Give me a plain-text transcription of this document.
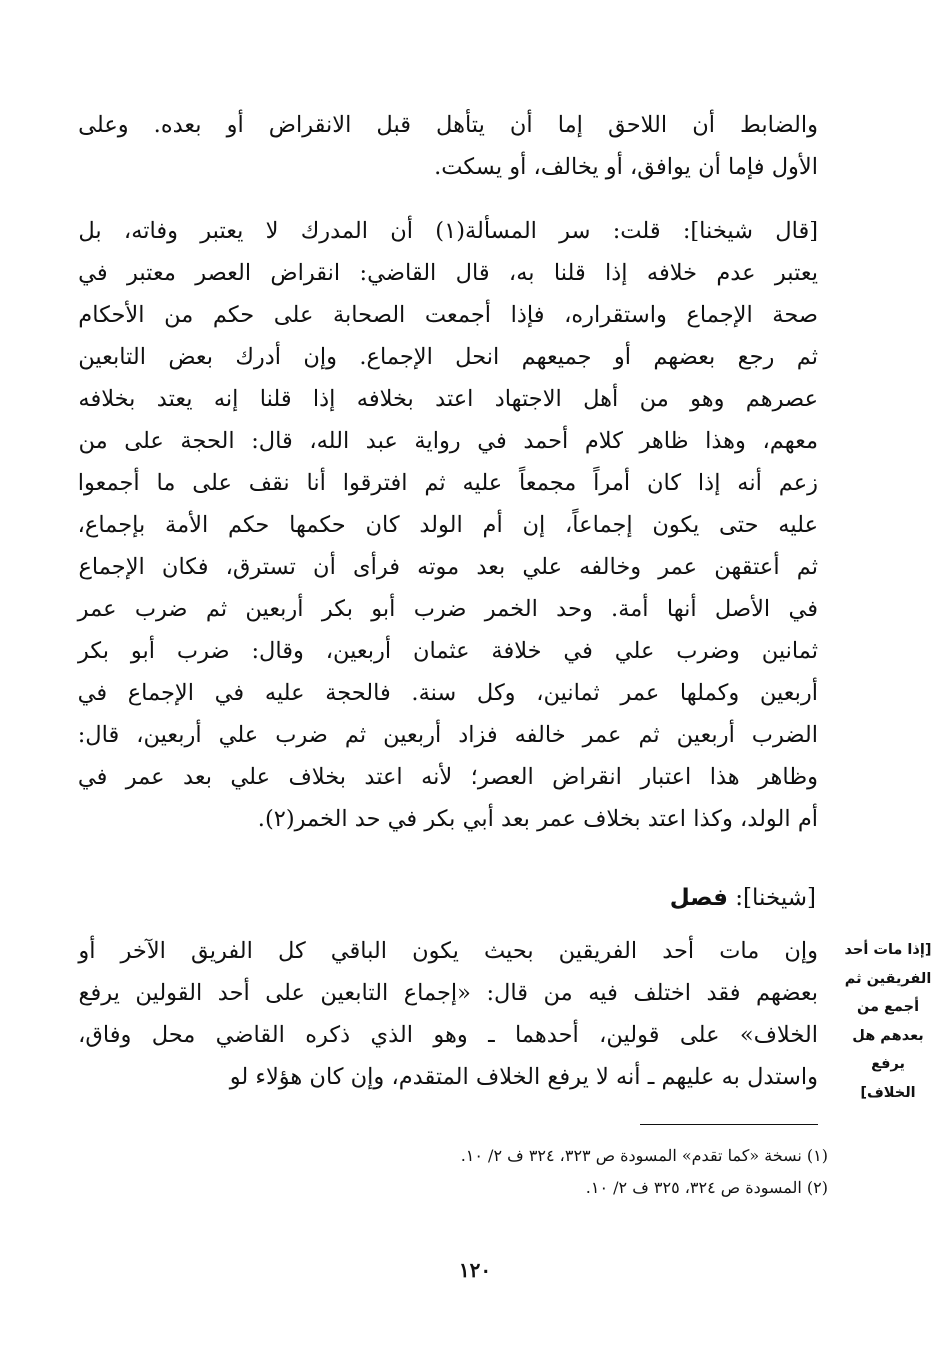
والضابط أن اللاحق إما أن يتأهل قبل الانقراض أو بعده. وعلى
الأول فإما أن يوافق، أو يخالف، أو يسكت.
[قال شيخنا]: قلت: سر المسألة(١) أن المدرك لا يعتبر وفاته، بل
يعتبر عدم خلافه إذا قلنا به، قال القاضي: انقراض العصر معتبر في
صحة الإجماع واستقراره، فإذا أجمعت الصحابة على حكم من الأحكام
ثم رجع بعضهم أو جميعهم انحل الإجماع. وإن أدرك بعض التابعين
عصرهم وهو من أهل الاجتهاد اعتد بخلافه إذا قلنا إنه يعتد بخلافه
معهم، وهذا ظاهر كلام أحمد في رواية عبد الله، قال: الحجة على من
زعم أنه إذا كان أمراً مجمعاً عليه ثم افترقوا أنا نقف على ما أجمعوا
عليه حتى يكون إجماعاً، إن أم الولد كان حكمها حكم الأمة بإجماع،
ثم أعتقهن عمر وخالفه علي بعد موته فرأى أن تسترق، فكان الإجماع
في الأصل أنها أمة. وحد الخمر ضرب أبو بكر أربعين ثم ضرب عمر
ثمانين وضرب علي في خلافة عثمان أربعين، وقال: ضرب أبو بكر
أربعين وكملها عمر ثمانين، وكل سنة. فالحجة عليه في الإجماع في
الضرب أربعين ثم عمر خالفه فزاد أربعين ثم ضرب علي أربعين، قال:
وظاهر هذا اعتبار انقراض العصر؛ لأنه اعتد بخلاف علي بعد عمر في
أم الولد، وكذا اعتد بخلاف عمر بعد أبي بكر في حد الخمر(٢).
[شيخنا]: فصل
وإن مات أحد الفريقين بحيث يكون الباقي كل الفريق الآخر أو
بعضهم فقد اختلف فيه من قال: «إجماع التابعين على أحد القولين يرفع
الخلاف» على قولين، أحدهما ـ وهو الذي ذكره القاضي محل وفاق،
واستدل به عليهم ـ أنه لا يرفع الخلاف المتقدم، وإن كان هؤلاء لو
[إذا مات أحد
الفريقين ثم
أجمع من
بعدهم هل
يرفع
الخلاف]
(١) نسخة «كما تقدم» المسودة ص ٣٢٣، ٣٢٤ ف ٢/ ١٠.
(٢) المسودة ص ٣٢٤، ٣٢٥ ف ٢/ ١٠.
١٢٠
